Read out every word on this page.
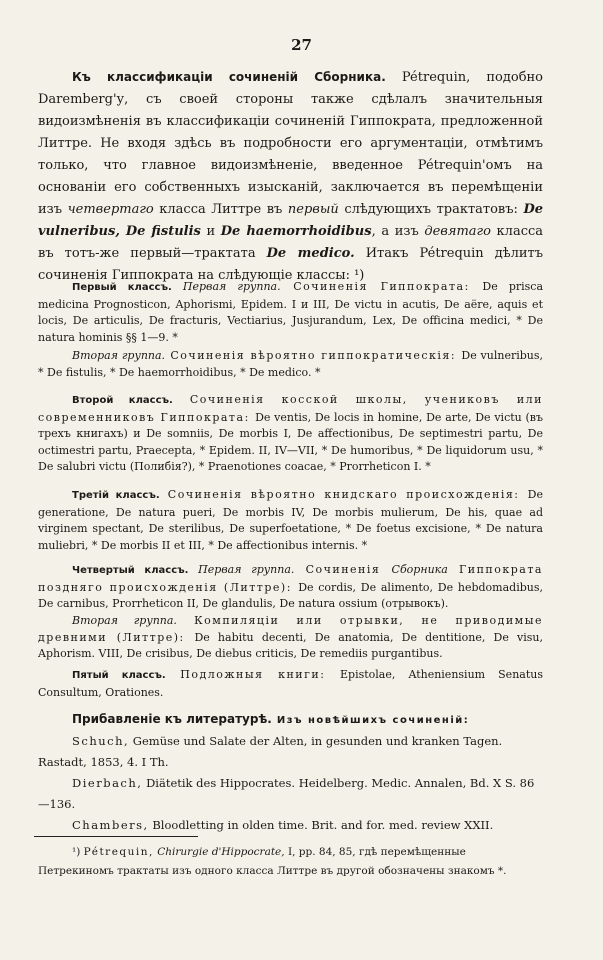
27

Къ классификаціи сочиненій Сборника. Pétrequin, подобно Daremberg'у, съ своей стороны также сдѣлалъ значительныя видоизмѣненія въ классификаціи сочиненій Гиппократа, предложенной Литтре. Не входя здѣсь въ подробности его аргументаціи, отмѣтимъ только, что главное видоизмѣненіе, введенное Pétrequin'омъ на основаніи его собственныхъ изысканій, заключается въ перемѣщеніи изъ четвертаго класса Литтре въ первый слѣдующихъ трактатовъ: De vulneribus, De fistulis и De haemorrhoidibus, а изъ девятаго класса въ тотъ-же первый—трактата De medico. Итакъ Pétrequin дѣлитъ сочиненія Гиппократа на слѣдующіе классы: ¹)

Первый классъ. Первая группа. Сочиненія Гиппократа: De prisca medicina Prognosticon, Aphorismi, Epidem. I и III, De victu in acutis, De aëre, aquis et locis, De articulis, De fracturis, Vectiarius, Jusjurandum, Lex, De officina medici, * De natura hominis §§ 1—9. *

Вторая группа. Сочиненія вѣроятно гиппократическія: De vulneribus, * De fistulis, * De haemorrhoidibus, * De medico. *

Второй классъ. Сочиненія косской школы, учениковъ или современниковъ Гиппократа: De ventis, De locis in homine, De arte, De victu (въ трехъ книгахъ) и De somniis, De morbis I, De affectionibus, De septimestri partu, De octimestri partu, Praecepta, * Epidem. II, IV—VII, * De humoribus, * De liquidorum usu, * De salubri victu (Полибія?), * Praenotiones coacae, * Prorrheticon I. *

Третій классъ. Сочиненія вѣроятно книдскаго происхожденія: De generatione, De natura pueri, De morbis IV, De morbis mulierum, De his, quae ad virginem spectant, De sterilibus, De superfoetatione, * De foetus excisione, * De natura muliebri, * De morbis II et III, * De affectionibus internis. *

Четвертый классъ. Первая группа. Сочиненія Сборника Гиппократа поздняго происхожденія (Литтре): De cordis, De alimento, De hebdomadibus, De carnibus, Prorrheticon II, De glandulis, De natura ossium (отрывокъ).

Вторая группа. Компиляціи или отрывки, не приводимые древними (Литтре): De habitu decenti, De anatomia, De dentitione, De visu, Aphorism. VIII, De crisibus, De diebus criticis, De remediis purgantibus.

Пятый классъ. Подложныя книги: Epistolae, Atheniensium Senatus Consultum, Orationes.

Прибавленіе къ литературѣ. Изъ новѣйшихъ сочиненій:

Schuch, Gemüse und Salate der Alten, in gesunden und kranken Tagen. Rastadt, 1853, 4. I Th.

Dierbach, Diätetik des Hippocrates. Heidelberg. Medic. Annalen, Bd. X S. 86—136.

Chambers, Bloodletting in olden time. Brit. and for. med. review XXII.

¹) Pétrequin, Chirurgie d'Hippocrate, I, pp. 84, 85, гдѣ перемѣщенные Петрекиномъ трактаты изъ одного класса Литтре въ другой обозначены знакомъ *.
